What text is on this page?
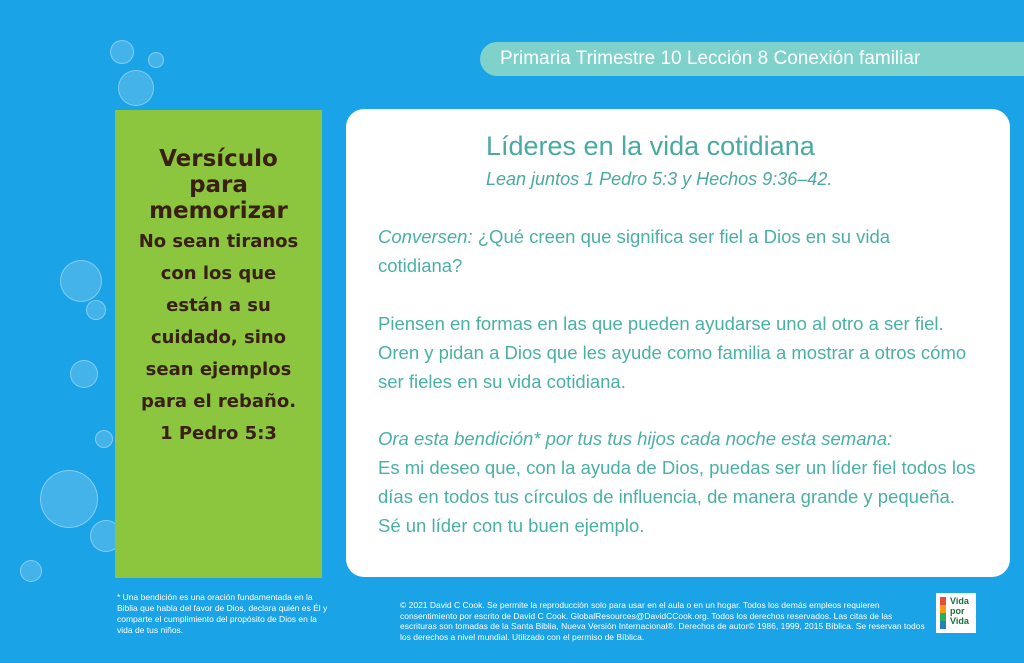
Primaria Trimestre 10 Lección 8 Conexión familiar
Versículo
para
memorizar
No sean tiranos
con los que
están a su
cuidado, sino
sean ejemplos
para el rebaño.
1 Pedro 5:3
Líderes en la vida cotidiana
Lean juntos 1 Pedro 5:3 y Hechos 9:36–42.
Conversen: ¿Qué creen que significa ser fiel a Dios en su vida cotidiana?
Piensen en formas en las que pueden ayudarse uno al otro a ser fiel. Oren y pidan a Dios que les ayude como familia a mostrar a otros cómo ser fieles en su vida cotidiana.
Ora esta bendición* por tus tus hijos cada noche esta semana:
Es mi deseo que, con la ayuda de Dios, puedas ser un líder fiel todos los días en todos tus círculos de influencia, de manera grande y pequeña. Sé un líder con tu buen ejemplo.
* Una bendición es una oración fundamentada en la Biblia que habla del favor de Dios, declara quién es Él y comparte el cumplimiento del propósito de Dios en la vida de tus niños.
© 2021 David C Cook. Se permite la reproducción solo para usar en el aula o en un hogar. Todos los demás empleos requieren consentimiento por escrito de David C Cook. GlobalResources@DavidCCook.org. Todos los derechos reservados. Las citas de las escrituras son tomadas de la Santa Biblia, Nueva Versión Internacional®. Derechos de autor© 1986, 1999, 2015 Bíblica. Se reservan todos los derechos a nivel mundial. Utilizado con el permiso de Bíblica.
Vida
por
Vida
